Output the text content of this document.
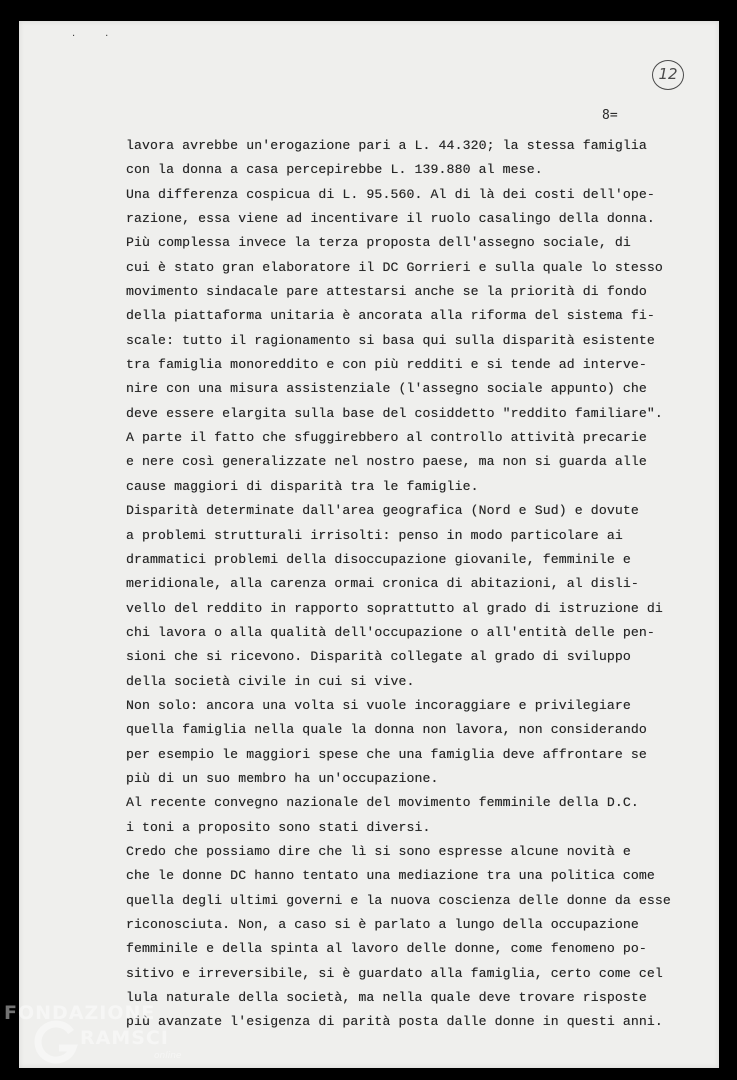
··
12
8=
lavora avrebbe un'erogazione pari a L. 44.320; la stessa famiglia
con la donna a casa percepirebbe L. 139.880 al mese.
Una differenza cospicua di L. 95.560. Al di là dei costi dell'ope-
razione, essa viene ad incentivare il ruolo casalingo della donna.
Più complessa invece la terza proposta dell'assegno sociale, di
cui è stato gran elaboratore il DC Gorrieri e sulla quale lo stesso
movimento sindacale pare attestarsi anche se la priorità di fondo
della piattaforma unitaria è ancorata alla riforma del sistema fi-
scale: tutto il ragionamento si basa qui sulla disparità esistente
tra famiglia monoreddito e con più redditi e si tende ad interve-
nire con una misura assistenziale (l'assegno sociale appunto) che
deve essere elargita sulla base del cosiddetto "reddito familiare".
A parte il fatto che sfuggirebbero al controllo attività precarie
e nere così generalizzate nel nostro paese, ma non si guarda alle
cause maggiori di disparità tra le famiglie.
Disparità determinate dall'area geografica (Nord e Sud) e dovute
a problemi strutturali irrisolti: penso in modo particolare ai
drammatici problemi della disoccupazione giovanile, femminile e
meridionale, alla carenza ormai cronica di abitazioni, al disli-
vello del reddito in rapporto soprattutto al grado di istruzione di
chi lavora o alla qualità dell'occupazione o all'entità delle pen-
sioni che si ricevono. Disparità collegate al grado di sviluppo
della società civile in cui si vive.
Non solo: ancora una volta si vuole incoraggiare e privilegiare
quella famiglia nella quale la donna non lavora, non considerando
per esempio le maggiori spese che una famiglia deve affrontare se
più di un suo membro ha un'occupazione.
Al recente convegno nazionale del movimento femminile della D.C.
i toni a proposito sono stati diversi.
Credo che possiamo dire che lì si sono espresse alcune novità e
che le donne DC hanno tentato una mediazione tra una politica come
quella degli ultimi governi e la nuova coscienza delle donne da esse
riconosciuta. Non, a caso si è parlato a lungo della occupazione
femminile e della spinta al lavoro delle donne, come fenomeno po-
sitivo e irreversibile, si è guardato alla famiglia, certo come cel
lula naturale della società, ma nella quale deve trovare risposte
più avanzate l'esigenza di parità posta dalle donne in questi anni.
FONDAZIONE
RAMSCI
online
